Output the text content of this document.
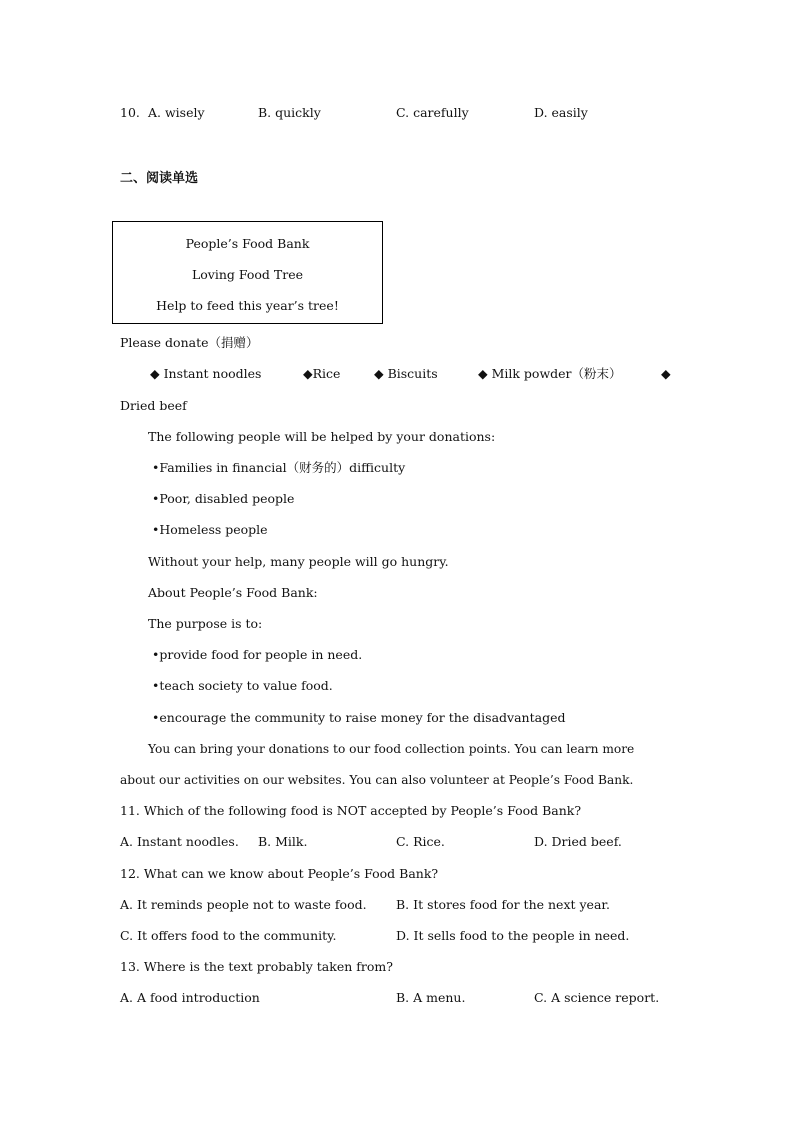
10. A. wisely	B. quickly	C. carefully	D. easily
二、阅读单选
People’s Food Bank
Loving Food Tree
Help to feed this year’s tree!
Please donate（捐赠）
◆ Instant noodles	◆Rice	◆ Biscuits	◆ Milk powder（粉末）	◆
Dried beef
The following people will be helped by your donations:
•Families in financial（财务的）difficulty
•Poor, disabled people
•Homeless people
Without your help, many people will go hungry.
About People’s Food Bank:
The purpose is to:
•provide food for people in need.
•teach society to value food.
•encourage the community to raise money for the disadvantaged
You can bring your donations to our food collection points. You can learn more
about our activities on our websites. You can also volunteer at People’s Food Bank.
11. Which of the following food is NOT accepted by People’s Food Bank?
A. Instant noodles. B. Milk.	C. Rice.	D. Dried beef.
12. What can we know about People’s Food Bank?
A. It reminds people not to waste food. B. It stores food for the next year.
C. It offers food to the community.	D. It sells food to the people in need.
13. Where is the text probably taken from?
A. A food introduction	B. A menu.	C. A science report.
